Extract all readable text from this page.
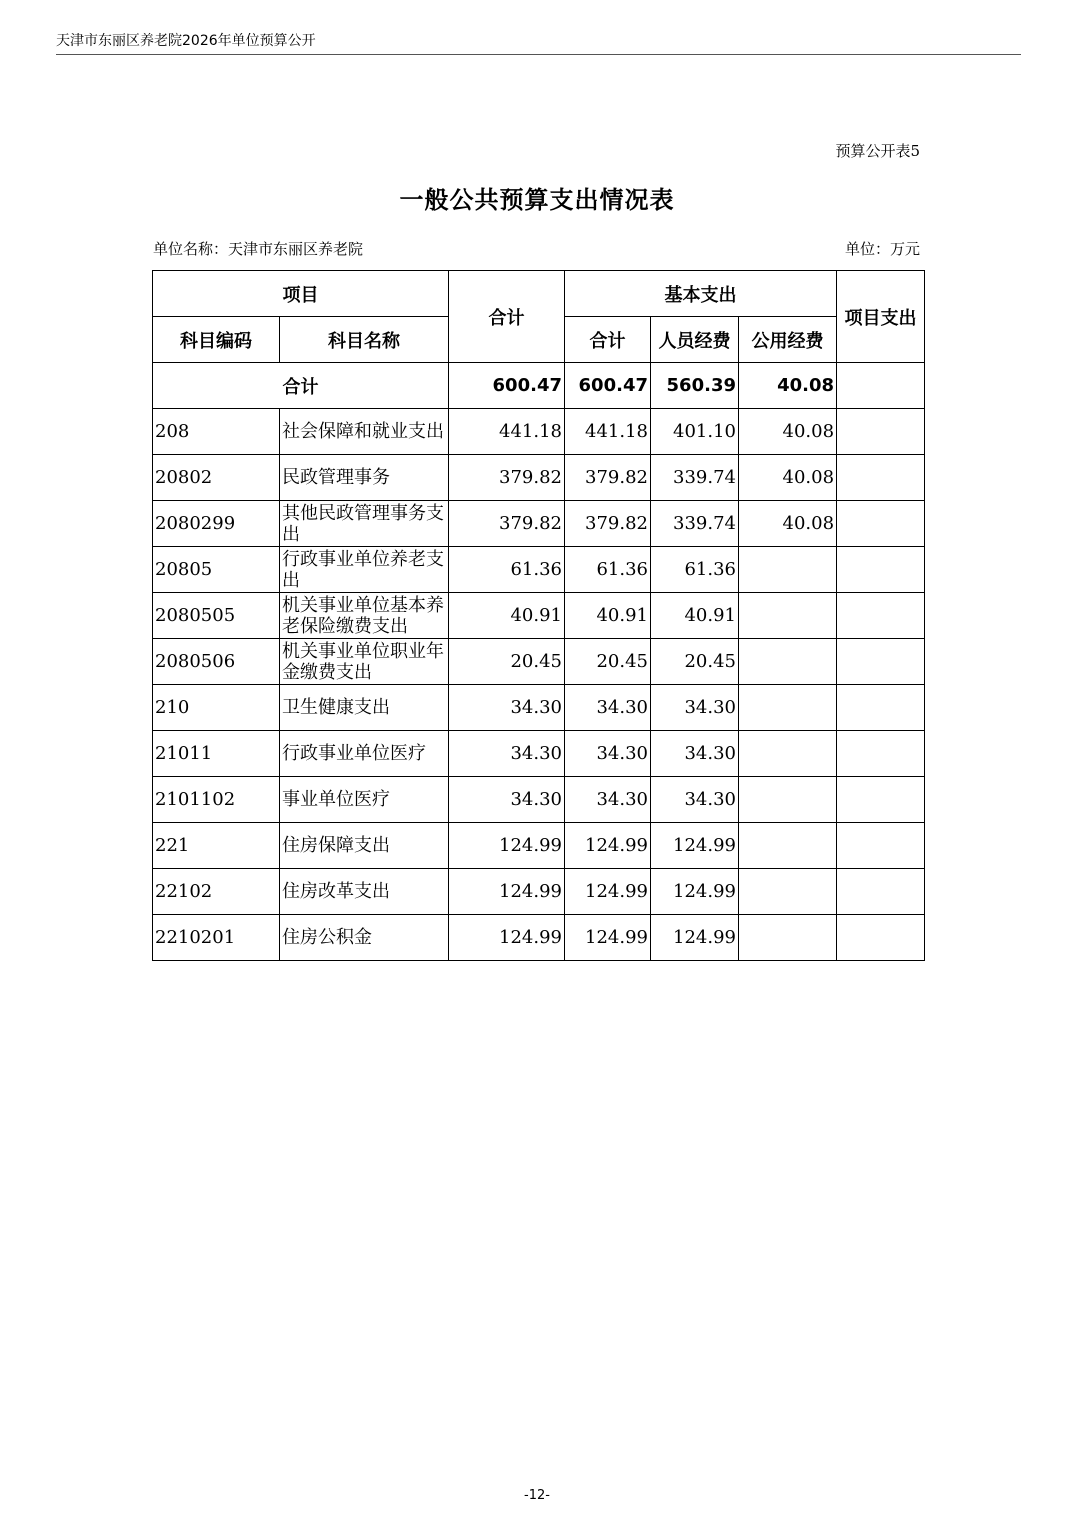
天津市东丽区养老院2026年单位预算公开
预算公开表5
一般公共预算支出情况表
单位名称：天津市东丽区养老院	单位：万元
项目		合计	基本支出			项目支出
科目编码	科目名称		合计	人员经费	公用经费	
合计		600.47	600.47	560.39	40.08	
208	社会保障和就业支出	441.18	441.18	401.10	40.08	
20802	民政管理事务	379.82	379.82	339.74	40.08	
2080299	其他民政管理事务支出	379.82	379.82	339.74	40.08	
20805	行政事业单位养老支出	61.36	61.36	61.36		
2080505	机关事业单位基本养老保险缴费支出	40.91	40.91	40.91		
2080506	机关事业单位职业年金缴费支出	20.45	20.45	20.45		
210	卫生健康支出	34.30	34.30	34.30		
21011	行政事业单位医疗	34.30	34.30	34.30		
2101102	事业单位医疗	34.30	34.30	34.30		
221	住房保障支出	124.99	124.99	124.99		
22102	住房改革支出	124.99	124.99	124.99		
2210201	住房公积金	124.99	124.99	124.99		
-12-
